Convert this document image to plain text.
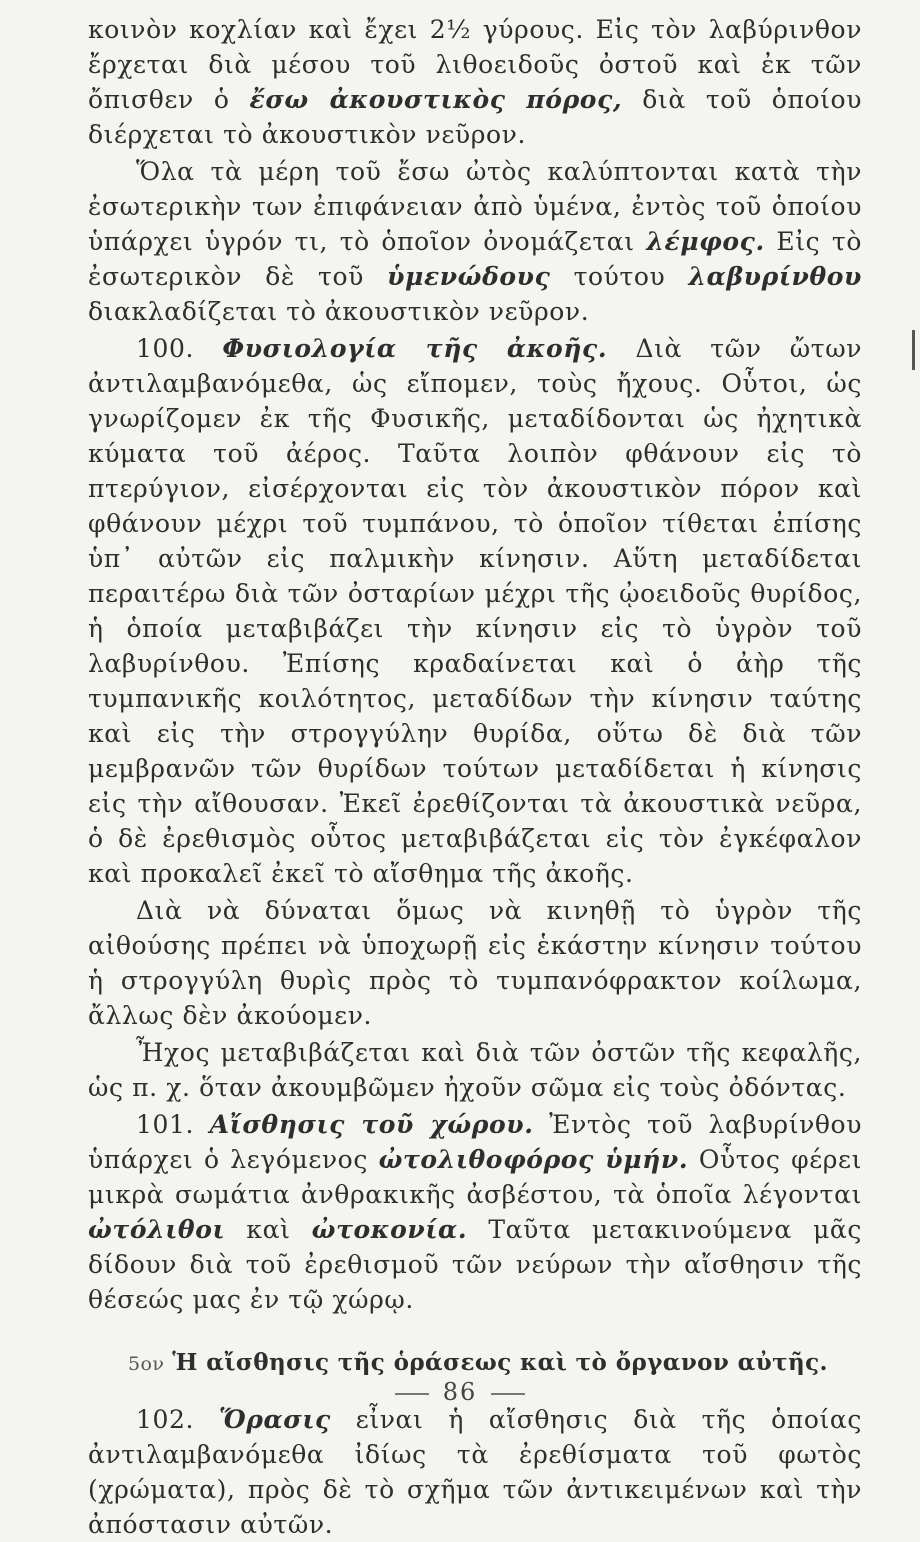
κοινὸν κοχλίαν καὶ ἔχει 2½ γύρους. Εἰς τὸν λαβύρινθον ἔρχεται διὰ μέσου τοῦ λιθοειδοῦς ὀστοῦ καὶ ἐκ τῶν ὄπισθεν ὁ ἔσω ἀκουστικὸς πόρος, διὰ τοῦ ὁποίου διέρχεται τὸ ἀκουστικὸν νεῦρον.

Ὅλα τὰ μέρη τοῦ ἔσω ὠτὸς καλύπτονται κατὰ τὴν ἐσωτερικὴν των ἐπιφάνειαν ἀπὸ ὑμένα, ἐντὸς τοῦ ὁποίου ὑπάρχει ὑγρόν τι, τὸ ὁποῖον ὀνομάζεται λέμφος. Εἰς τὸ ἐσωτερικὸν δὲ τοῦ ὑμενώδους τούτου λαβυρίνθου διακλαδίζεται τὸ ἀκουστικὸν νεῦρον.

100. Φυσιολογία τῆς ἀκοῆς. Διὰ τῶν ὤτων ἀντιλαμβανόμεθα, ὡς εἴπομεν, τοὺς ἤχους. Οὗτοι, ὡς γνωρίζομεν ἐκ τῆς Φυσικῆς, μεταδίδονται ὡς ἠχητικὰ κύματα τοῦ ἀέρος. Ταῦτα λοιπὸν φθάνουν εἰς τὸ πτερύγιον, εἰσέρχονται εἰς τὸν ἀκουστικὸν πόρον καὶ φθάνουν μέχρι τοῦ τυμπάνου, τὸ ὁποῖον τίθεται ἐπίσης ὑπ᾿ αὐτῶν εἰς παλμικὴν κίνησιν. Αὕτη μεταδίδεται περαιτέρω διὰ τῶν ὀσταρίων μέχρι τῆς ᾠοειδοῦς θυρίδος, ἡ ὁποία μεταβιβάζει τὴν κίνησιν εἰς τὸ ὑγρὸν τοῦ λαβυρίνθου. Ἐπίσης κραδαίνεται καὶ ὁ ἀὴρ τῆς τυμπανικῆς κοιλότητος, μεταδίδων τὴν κίνησιν ταύτης καὶ εἰς τὴν στρογγύλην θυρίδα, οὕτω δὲ διὰ τῶν μεμβρανῶν τῶν θυρίδων τούτων μεταδίδεται ἡ κίνησις εἰς τὴν αἴθουσαν. Ἐκεῖ ἐρεθίζονται τὰ ἀκουστικὰ νεῦρα, ὁ δὲ ἐρεθισμὸς οὗτος μεταβιβάζεται εἰς τὸν ἐγκέφαλον καὶ προκαλεῖ ἐκεῖ τὸ αἴσθημα τῆς ἀκοῆς.

Διὰ νὰ δύναται ὅμως νὰ κινηθῇ τὸ ὑγρὸν τῆς αἰθούσης πρέπει νὰ ὑποχωρῇ εἰς ἑκάστην κίνησιν τούτου ἡ στρογγύλη θυρὶς πρὸς τὸ τυμπανόφρακτον κοίλωμα, ἄλλως δὲν ἀκούομεν.

Ἦχος μεταβιβάζεται καὶ διὰ τῶν ὀστῶν τῆς κεφαλῆς, ὡς π. χ. ὅταν ἀκουμβῶμεν ἠχοῦν σῶμα εἰς τοὺς ὀδόντας.

101. Αἴσθησις τοῦ χώρου. Ἐντὸς τοῦ λαβυρίνθου ὑπάρχει ὁ λεγόμενος ὠτολιθοφόρος ὑμήν. Οὗτος φέρει μικρὰ σωμάτια ἀνθρακικῆς ἀσβέστου, τὰ ὁποῖα λέγονται ὠτόλιθοι καὶ ὠτοκονία. Ταῦτα μετακινούμενα μᾶς δίδουν διὰ τοῦ ἐρεθισμοῦ τῶν νεύρων τὴν αἴσθησιν τῆς θέσεώς μας ἐν τῷ χώρῳ.

5ον Ἡ αἴσθησις τῆς ὁράσεως καὶ τὸ ὄργανον αὐτῆς.

102. Ὅρασις εἶναι ἡ αἴσθησις διὰ τῆς ὁποίας ἀντιλαμβανόμεθα ἰδίως τὰ ἐρεθίσματα τοῦ φωτὸς (χρώματα), πρὸς δὲ τὸ σχῆμα τῶν ἀντικειμένων καὶ τὴν ἀπόστασιν αὐτῶν.

86
